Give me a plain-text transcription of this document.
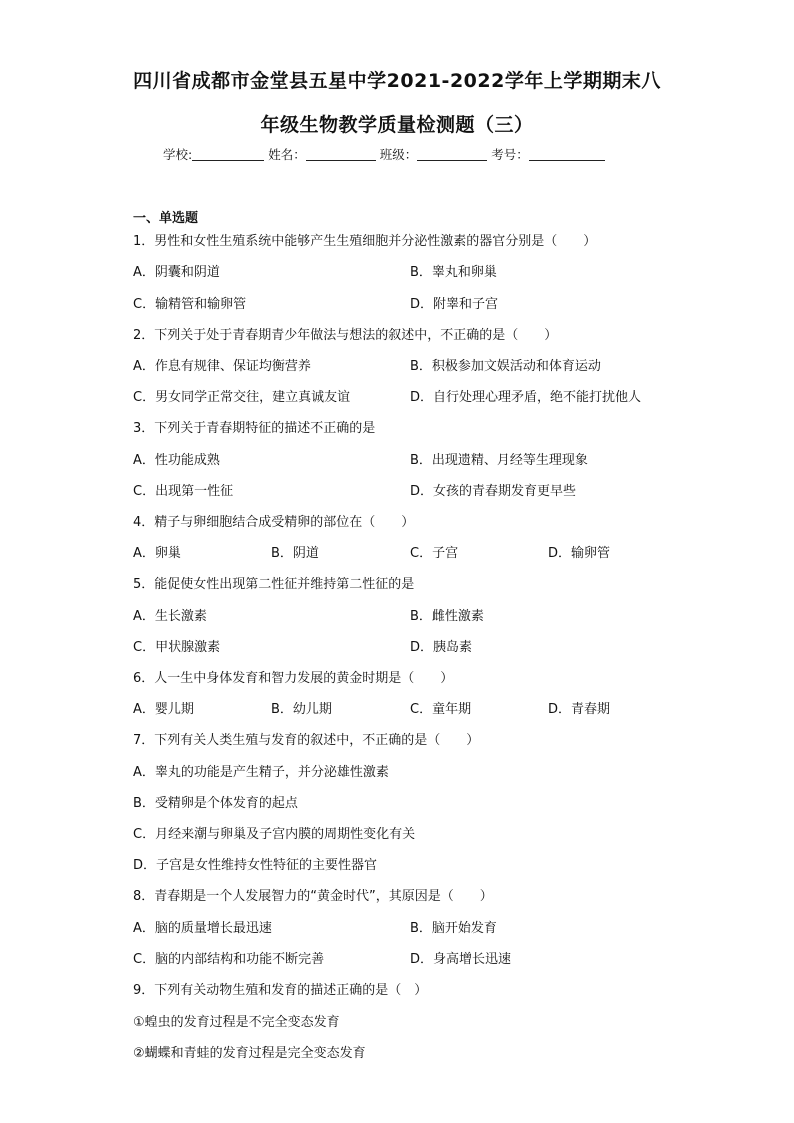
四川省成都市金堂县五星中学2021-2022学年上学期期末八
年级生物教学质量检测题（三）
学校:	姓名：	班级：	考号：
一、单选题
1．男性和女性生殖系统中能够产生生殖细胞并分泌性激素的器官分别是（　　）
A．阴囊和阴道	B．睾丸和卵巢
C．输精管和输卵管	D．附睾和子宫
2．下列关于处于青春期青少年做法与想法的叙述中，不正确的是（　　）
A．作息有规律、保证均衡营养	B．积极参加文娱活动和体育运动
C．男女同学正常交往，建立真诚友谊	D．自行处理心理矛盾，绝不能打扰他人
3．下列关于青春期特征的描述不正确的是
A．性功能成熟	B．出现遗精、月经等生理现象
C．出现第一性征	D．女孩的青春期发育更早些
4．精子与卵细胞结合成受精卵的部位在（　　）
A．卵巢	B．阴道	C．子宫	D．输卵管
5．能促使女性出现第二性征并维持第二性征的是
A．生长激素	B．雌性激素
C．甲状腺激素	D．胰岛素
6．人一生中身体发育和智力发展的黄金时期是（　　）
A．婴儿期	B．幼儿期	C．童年期	D．青春期
7．下列有关人类生殖与发育的叙述中，不正确的是（　　）
A．睾丸的功能是产生精子，并分泌雄性激素
B．受精卵是个体发育的起点
C．月经来潮与卵巢及子宫内膜的周期性变化有关
D．子宫是女性维持女性特征的主要性器官
8．青春期是一个人发展智力的“黄金时代”，其原因是（　　）
A．脑的质量增长最迅速	B．脑开始发育
C．脑的内部结构和功能不断完善	D．身高增长迅速
9．下列有关动物生殖和发育的描述正确的是（　）
①蝗虫的发育过程是不完全变态发育
②蝴蝶和青蛙的发育过程是完全变态发育
